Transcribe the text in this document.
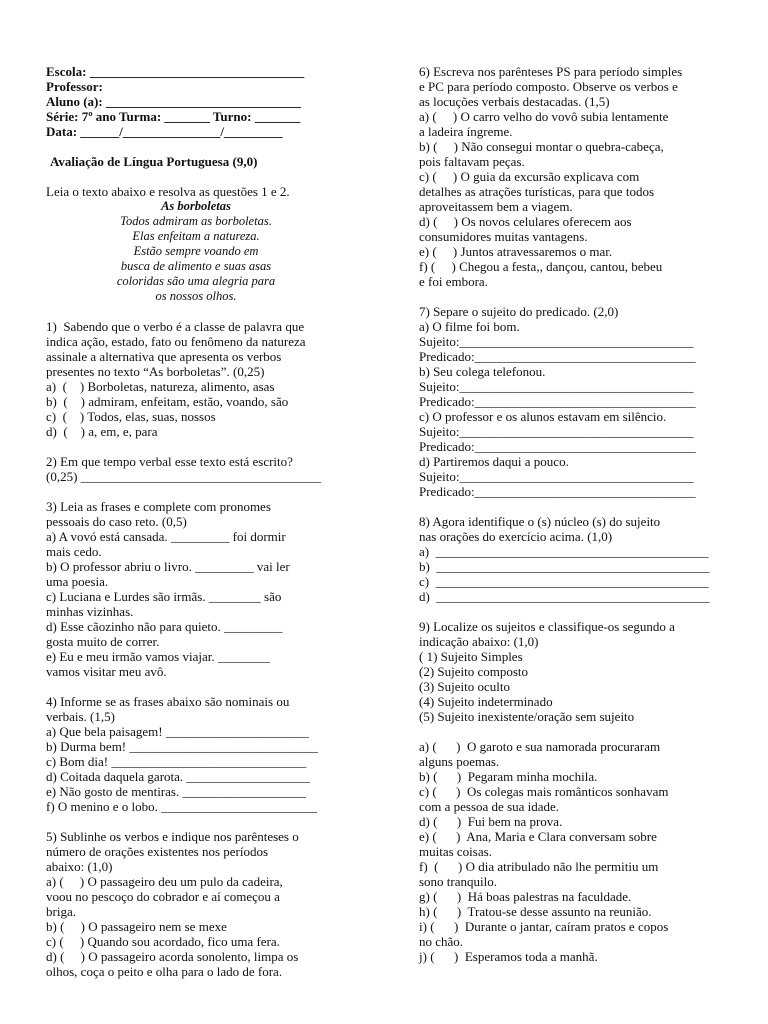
Escola: _________________________________
Professor:
Aluno (a): ______________________________
Série: 7º ano Turma: _______ Turno: _______
Data: ______/_______________/_________
Avaliação de Língua Portuguesa (9,0)
Leia o texto abaixo e resolva as questões 1 e 2.
As borboletas
Todos admiram as borboletas.
Elas enfeitam a natureza.
Estão sempre voando em
busca de alimento e suas asas
coloridas são uma alegria para
os nossos olhos.
1)  Sabendo que o verbo é a classe de palavra que
indica ação, estado, fato ou fenômeno da natureza
assinale a alternativa que apresenta os verbos
presentes no texto “As borboletas”. (0,25)
a)  (    ) Borboletas, natureza, alimento, asas
b)  (    ) admiram, enfeitam, estão, voando, são
c)  (    ) Todos, elas, suas, nossos
d)  (    ) a, em, e, para
2) Em que tempo verbal esse texto está escrito?
(0,25) _____________________________________
3) Leia as frases e complete com pronomes
pessoais do caso reto. (0,5)
a) A vovó está cansada. _________ foi dormir
mais cedo.
b) O professor abriu o livro. _________ vai ler
uma poesia.
c) Luciana e Lurdes são irmãs. ________ são
minhas vizinhas.
d) Esse cãozinho não para quieto. _________
gosta muito de correr.
e) Eu e meu irmão vamos viajar. ________
vamos visitar meu avô.
4) Informe se as frases abaixo são nominais ou
verbais. (1,5)
a) Que bela paisagem! ______________________
b) Durma bem! _____________________________
c) Bom dia! ______________________________
d) Coitada daquela garota. ___________________
e) Não gosto de mentiras. ___________________
f) O menino e o lobo. ________________________
5) Sublinhe os verbos e indique nos parênteses o
número de orações existentes nos períodos
abaixo: (1,0)
a) (     ) O passageiro deu um pulo da cadeira,
voou no pescoço do cobrador e aí começou a
briga.
b) (     ) O passageiro nem se mexe
c) (     ) Quando sou acordado, fico uma fera.
d) (     ) O passageiro acorda sonolento, limpa os
olhos, coça o peito e olha para o lado de fora.
6) Escreva nos parênteses PS para período simples
e PC para período composto. Observe os verbos e
as locuções verbais destacadas. (1,5)
a) (     ) O carro velho do vovô subia lentamente
a ladeira íngreme.
b) (     ) Não consegui montar o quebra-cabeça,
pois faltavam peças.
c) (     ) O guia da excursão explicava com
detalhes as atrações turísticas, para que todos
aproveitassem bem a viagem.
d) (     ) Os novos celulares oferecem aos
consumidores muitas vantagens.
e) (     ) Juntos atravessaremos o mar.
f) (     ) Chegou a festa,, dançou, cantou, bebeu
e foi embora.
7) Separe o sujeito do predicado. (2,0)
a) O filme foi bom.
Sujeito:____________________________________
Predicado:__________________________________
b) Seu colega telefonou.
Sujeito:____________________________________
Predicado:__________________________________
c) O professor e os alunos estavam em silêncio.
Sujeito:____________________________________
Predicado:__________________________________
d) Partiremos daqui a pouco.
Sujeito:____________________________________
Predicado:__________________________________
8) Agora identifique o (s) núcleo (s) do sujeito
nas orações do exercício acima. (1,0)
a)  __________________________________________
b)  __________________________________________
c)  __________________________________________
d)  __________________________________________
9) Localize os sujeitos e classifique-os segundo a
indicação abaixo: (1,0)
( 1) Sujeito Simples
(2) Sujeito composto
(3) Sujeito oculto
(4) Sujeito indeterminado
(5) Sujeito inexistente/oração sem sujeito
a) (      )  O garoto e sua namorada procuraram
alguns poemas.
b) (      )  Pegaram minha mochila.
c) (      )  Os colegas mais românticos sonhavam
com a pessoa de sua idade.
d) (      )  Fui bem na prova.
e) (      )  Ana, Maria e Clara conversam sobre
muitas coisas.
f)  (      ) O dia atribulado não lhe permitiu um
sono tranquilo.
g) (      )  Há boas palestras na faculdade.
h) (      )  Tratou-se desse assunto na reunião.
i) (      )  Durante o jantar, caíram pratos e copos
no chão.
j) (      )  Esperamos toda a manhã.
